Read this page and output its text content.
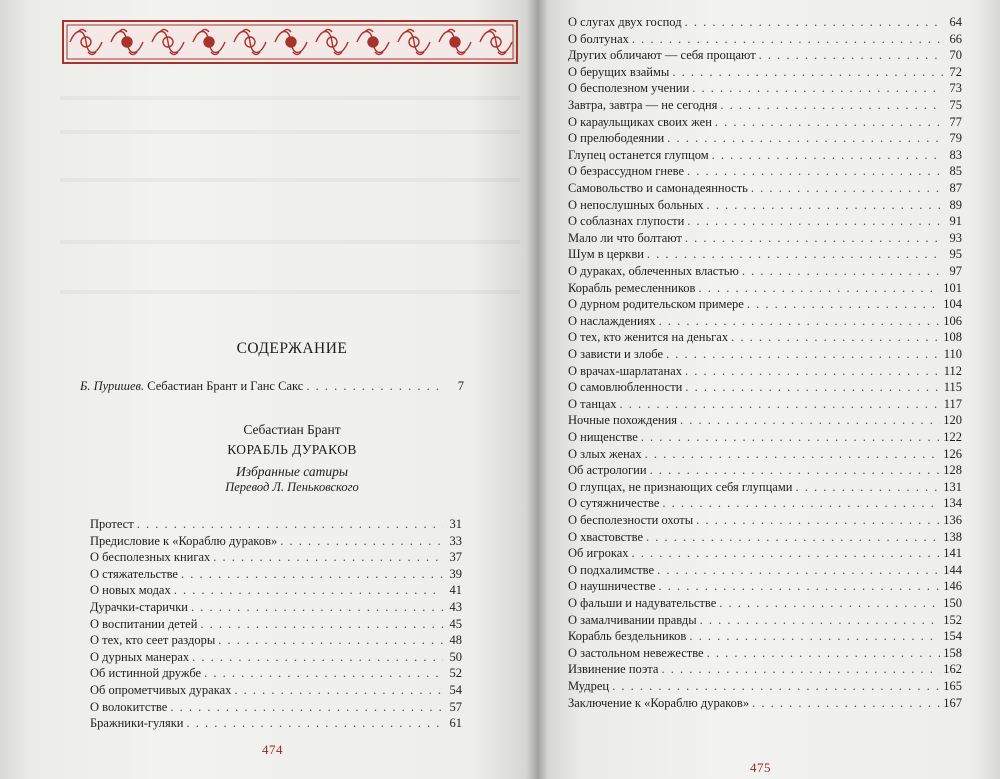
СОДЕРЖАНИЕ
Б. Пуришев. Себастиан Брант и Ганс Сакс . . .	7
Себастиан Брант
КОРАБЛЬ ДУРАКОВ
Избранные сатиры
Перевод Л. Пеньковского
Протест . . .	31
Предисловие к «Кораблю дураков» . . .	33
О бесполезных книгах . . .	37
О стяжательстве . . .	39
О новых модах . . .	41
Дурачки-старички . . .	43
О воспитании детей . . .	45
О тех, кто сеет раздоры . . .	48
О дурных манерах . . .	50
Об истинной дружбе . . .	52
Об опрометчивых дураках . . .	54
О волокитстве . . .	57
Бражники-гуляки . . .	61
474
О слугах двух господ . . .	64
О болтунах . . .	66
Других обличают — себя прощают . . .	70
О берущих взаймы . . .	72
О бесполезном учении . . .	73
Завтра, завтра — не сегодня . . .	75
О караульщиках своих жен . . .	77
О прелюбодеянии . . .	79
Глупец останется глупцом . . .	83
О безрассудном гневе . . .	85
Самовольство и самонадеянность . . .	87
О непослушных больных . . .	89
О соблазнах глупости . . .	91
Мало ли что болтают . . .	93
Шум в церкви . . .	95
О дураках, облеченных властью . . .	97
Корабль ремесленников . . .	101
О дурном родительском примере . . .	104
О наслаждениях . . .	106
О тех, кто женится на деньгах . . .	108
О зависти и злобе . . .	110
О врачах-шарлатанах . . .	112
О самовлюбленности . . .	115
О танцах . . .	117
Ночные похождения . . .	120
О нищенстве . . .	122
О злых женах . . .	126
Об астрологии . . .	128
О глупцах, не признающих себя глупцами . . .	131
О сутяжничестве . . .	134
О бесполезности охоты . . .	136
О хвастовстве . . .	138
Об игроках . . .	141
О подхалимстве . . .	144
О наушничестве . . .	146
О фальши и надувательстве . . .	150
О замалчивании правды . . .	152
Корабль бездельников . . .	154
О застольном невежестве . . .	158
Извинение поэта . . .	162
Мудрец . . .	165
Заключение к «Кораблю дураков» . . .	167
475
